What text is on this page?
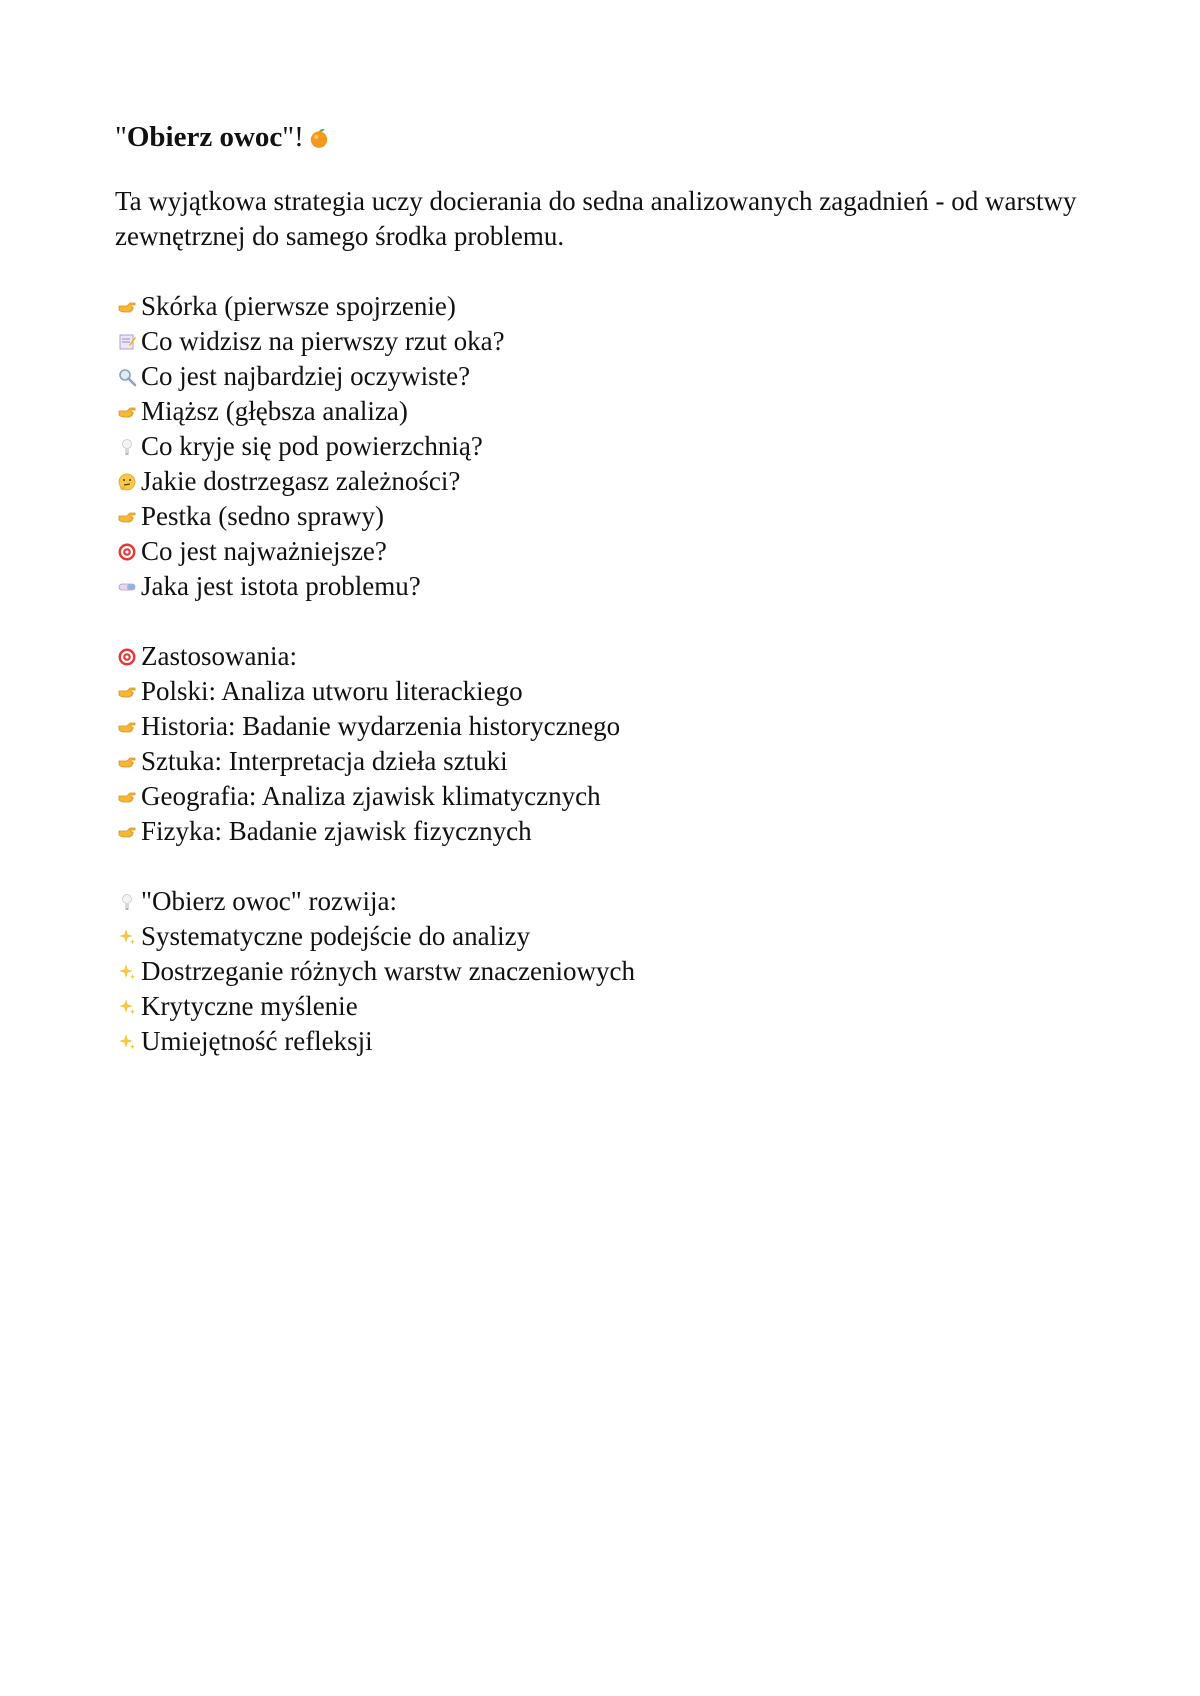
"Obierz owoc"!

Ta wyjątkowa strategia uczy docierania do sedna analizowanych zagadnień - od warstwy zewnętrznej do samego środka problemu.

Skórka (pierwsze spojrzenie)
Co widzisz na pierwszy rzut oka?
Co jest najbardziej oczywiste?
Miąższ (głębsza analiza)
Co kryje się pod powierzchnią?
Jakie dostrzegasz zależności?
Pestka (sedno sprawy)
Co jest najważniejsze?
Jaka jest istota problemu?
Zastosowania:
Polski: Analiza utworu literackiego
Historia: Badanie wydarzenia historycznego
Sztuka: Interpretacja dzieła sztuki
Geografia: Analiza zjawisk klimatycznych
Fizyka: Badanie zjawisk fizycznych
"Obierz owoc" rozwija:
Systematyczne podejście do analizy
Dostrzeganie różnych warstw znaczeniowych
Krytyczne myślenie
Umiejętność refleksji
